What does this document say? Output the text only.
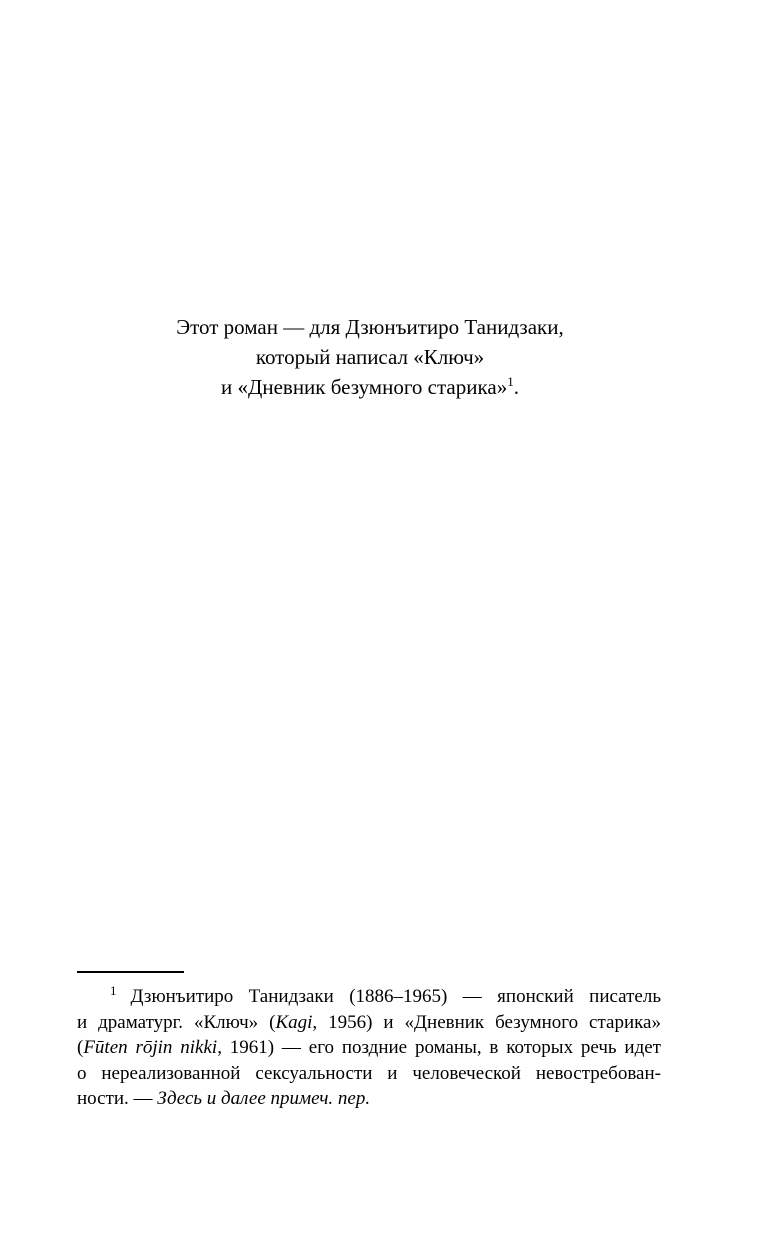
Этот роман — для Дзюнъитиро Танидзаки,
который написал «Ключ»
и «Дневник безумного старика»$^1$.
$^1$ Дзюнъитиро Танидзаки (1886–1965) — японский писатель
и драматург. «Ключ» (Kagi, 1956) и «Дневник безумного старика»
(Fūten rōjin nikki, 1961) — его поздние романы, в которых речь идет
о нереализованной сексуальности и человеческой невостребован-
ности. — Здесь и далее примеч. пер.
